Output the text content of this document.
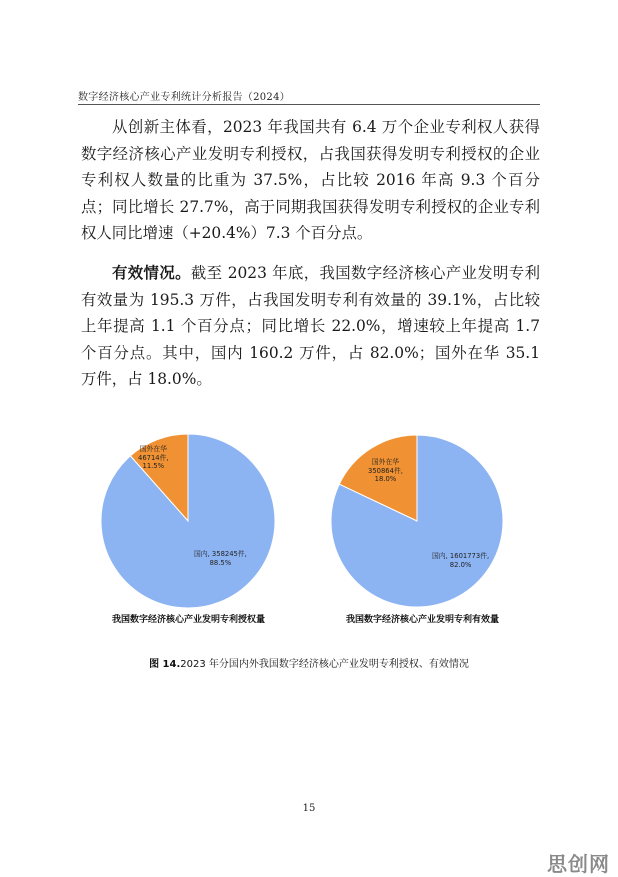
数字经济核心产业专利统计分析报告（2024）

从创新主体看，2023 年我国共有 6.4 万个企业专利权人获得数字经济核心产业发明专利授权，占我国获得发明专利授权的企业专利权人数量的比重为 37.5%，占比较 2016 年高 9.3 个百分点；同比增长 27.7%，高于同期我国获得发明专利授权的企业专利权人同比增速（+20.4%）7.3 个百分点。

有效情况。截至 2023 年底，我国数字经济核心产业发明专利有效量为 195.3 万件，占我国发明专利有效量的 39.1%，占比较上年提高 1.1 个百分点；同比增长 22.0%，增速较上年提高 1.7 个百分点。其中，国内 160.2 万件，占 82.0%；国外在华 35.1 万件，占 18.0%。

国外在华
46714件,
11.5%
国内, 358245件,
88.5%
我国数字经济核心产业发明专利授权量
国外在华
350864件,
18.0%
国内, 1601773件,
82.0%
我国数字经济核心产业发明专利有效量
图 14.2023 年分国内外我国数字经济核心产业发明专利授权、有效情况
15
思创网
